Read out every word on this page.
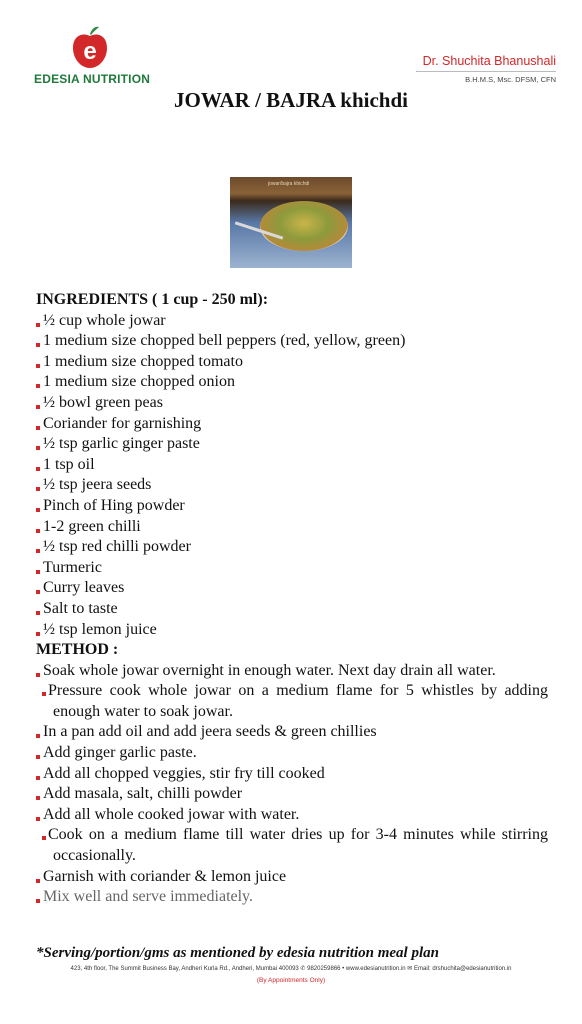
e
EDESIA NUTRITION
Dr. Shuchita Bhanushali
B.H.M.S, Msc. DFSM, CFN
JOWAR / BAJRA khichdi
jowar/bajra khichdi
INGREDIENTS ( 1 cup - 250 ml):
½ cup whole jowar
1 medium size chopped bell peppers (red, yellow, green)
1 medium size chopped tomato
1 medium size chopped onion
½ bowl green peas
Coriander for garnishing
½ tsp garlic ginger paste
1 tsp oil
½ tsp jeera seeds
Pinch of Hing powder
1-2 green chilli
½ tsp red chilli powder
Turmeric
Curry leaves
Salt to taste
½ tsp lemon juice
METHOD :
Soak whole jowar overnight in enough water. Next day drain all water.
Pressure cook whole jowar on a medium flame for 5 whistles by adding enough water to soak jowar.
In a pan add oil and add jeera seeds & green chillies
Add ginger garlic paste.
Add all chopped veggies, stir fry till cooked
Add masala, salt, chilli powder
Add all whole cooked jowar with water.
Cook on a medium flame till water dries up for 3-4 minutes while stirring occasionally.
Garnish with coriander & lemon juice
Mix well and serve immediately.
*Serving/portion/gms as mentioned by edesia nutrition meal plan
423, 4th floor, The Summit Business Bay, Andheri Kurla Rd., Andheri, Mumbai 400093 ✆ 9820259866 • www.edesianutrition.in ✉ Email: drshuchita@edesianutrition.in
(By Appointments Only)
